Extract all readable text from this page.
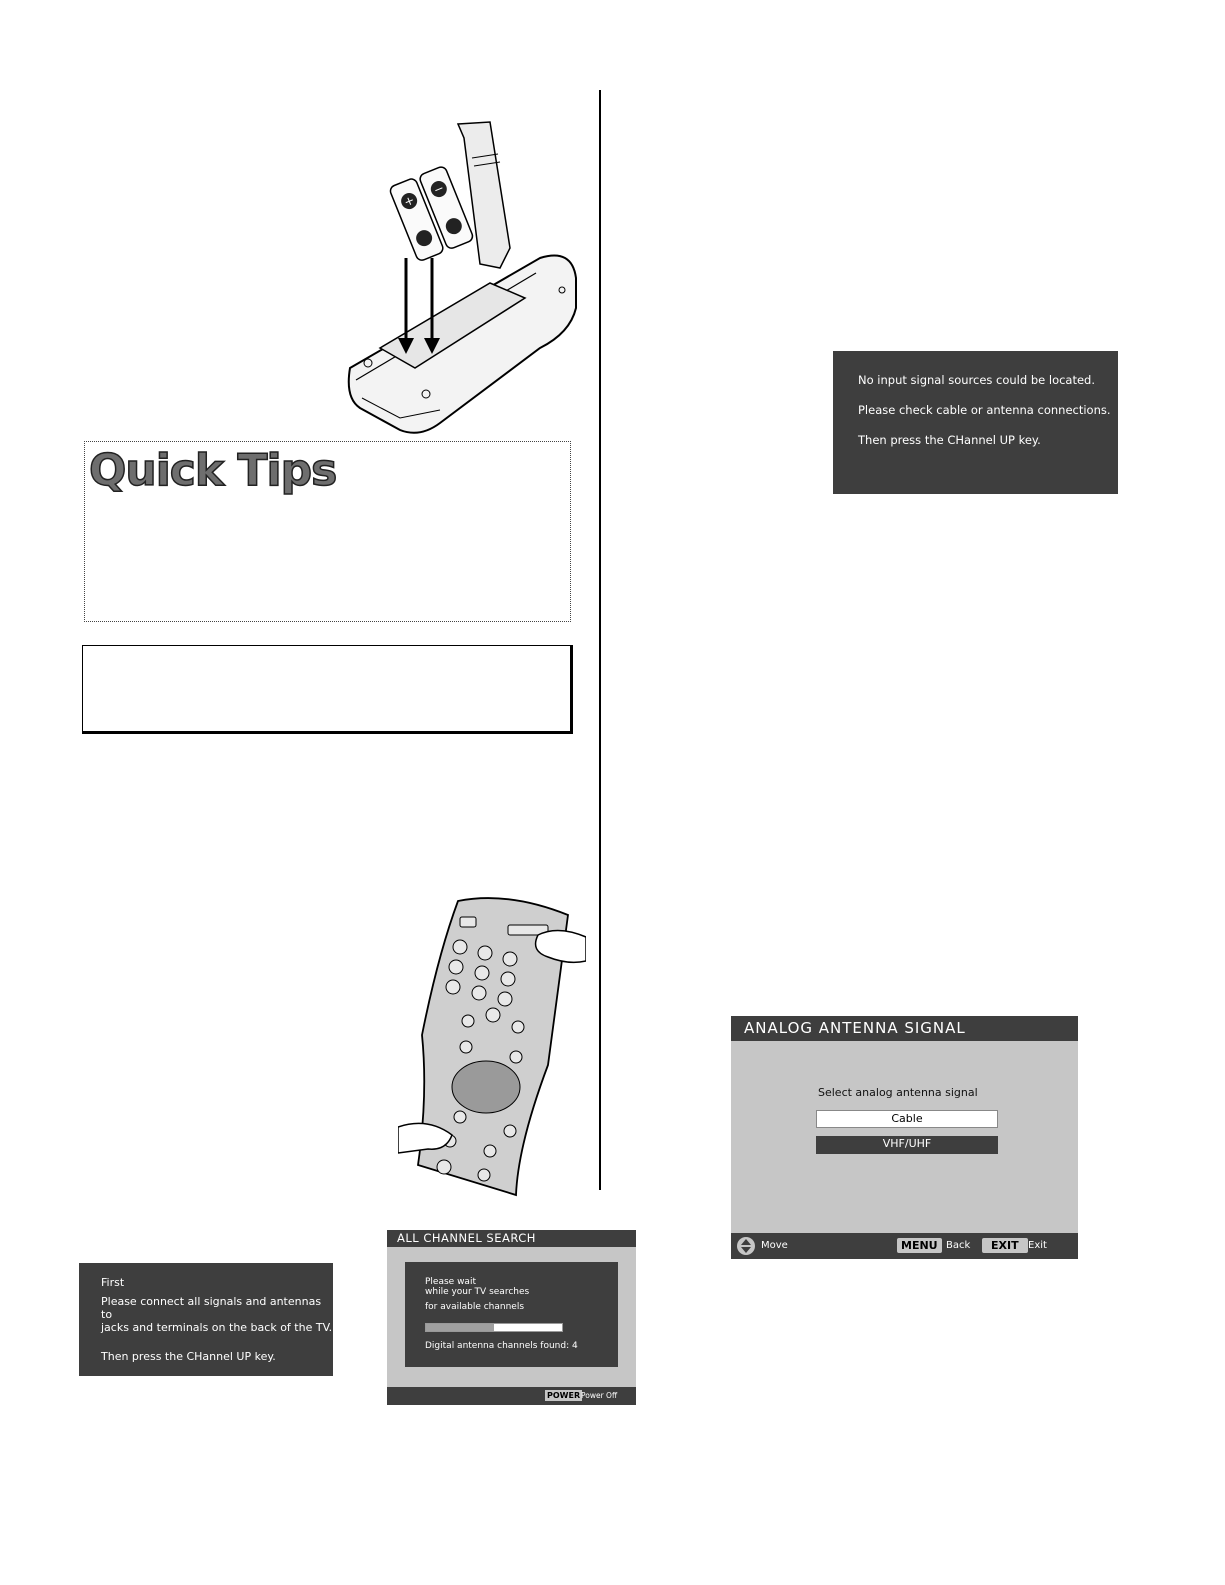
+
−
Quick Tips

No input signal sources could be located.

Please check cable or antenna connections.

Then press the CHannel UP key.

First

Please connect all signals and antennas to

jacks and terminals on the back of the TV.

Then press the CHannel UP key.

ALL CHANNEL SEARCH
Please wait
while your TV searches
for available channels
50%
Digital antenna channels found: 4
POWER Power Off
ANALOG ANTENNA SIGNAL
Select analog antenna signal
Cable
VHF/UHF
Move	MENU Back	EXIT Exit
